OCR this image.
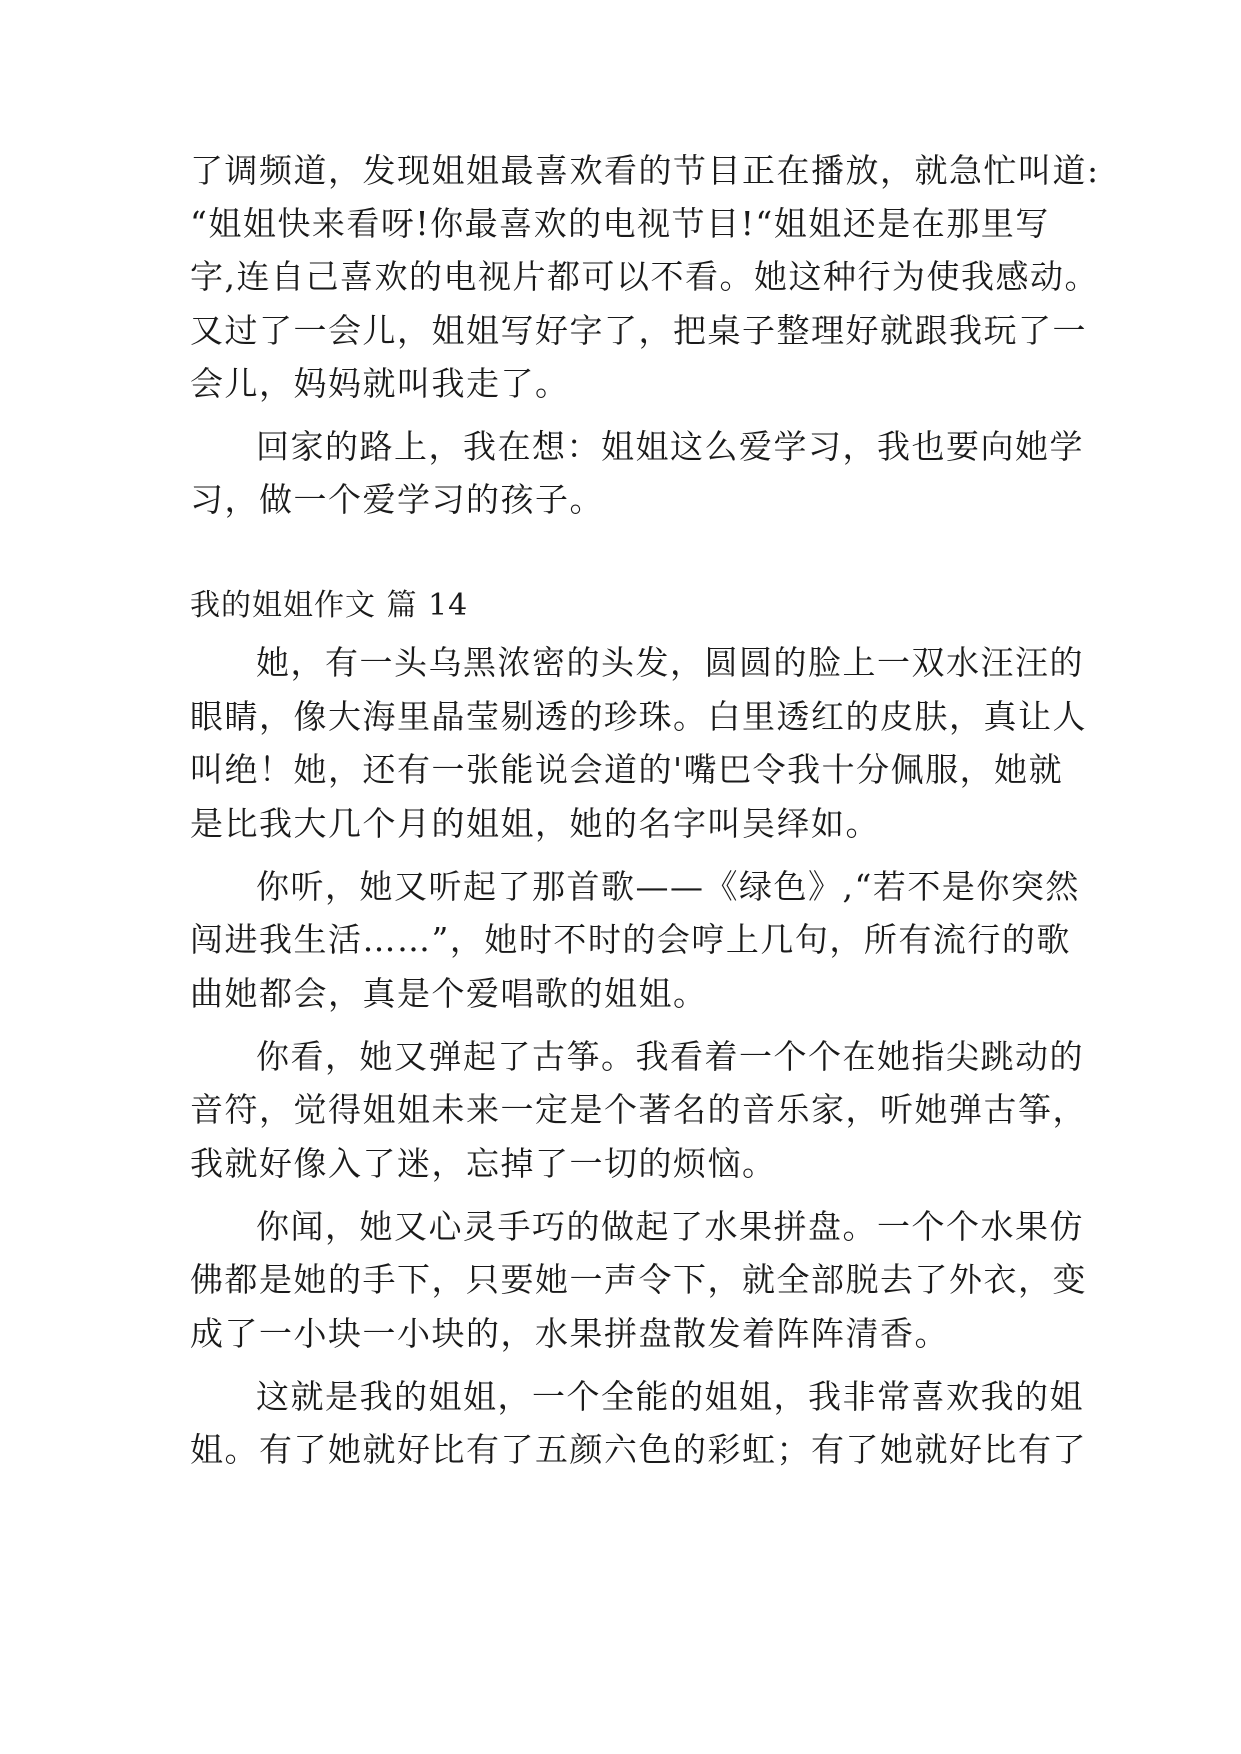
了调频道，发现姐姐最喜欢看的节目正在播放，就急忙叫道:
“姐姐快来看呀!你最喜欢的电视节目!“姐姐还是在那里写
字,连自己喜欢的电视片都可以不看。她这种行为使我感动。
又过了一会儿，姐姐写好字了，把桌子整理好就跟我玩了一
会儿，妈妈就叫我走了。
回家的路上，我在想：姐姐这么爱学习，我也要向她学
习，做一个爱学习的孩子。
我的姐姐作文 篇 14
她，有一头乌黑浓密的头发，圆圆的脸上一双水汪汪的
眼睛，像大海里晶莹剔透的珍珠。白里透红的皮肤，真让人
叫绝！她，还有一张能说会道的'嘴巴令我十分佩服，她就
是比我大几个月的姐姐，她的名字叫吴绎如。
你听，她又听起了那首歌——《绿色》,“若不是你突然
闯进我生活……”，她时不时的会哼上几句，所有流行的歌
曲她都会，真是个爱唱歌的姐姐。
你看，她又弹起了古筝。我看着一个个在她指尖跳动的
音符，觉得姐姐未来一定是个著名的音乐家，听她弹古筝，
我就好像入了迷，忘掉了一切的烦恼。
你闻，她又心灵手巧的做起了水果拼盘。一个个水果仿
佛都是她的手下，只要她一声令下，就全部脱去了外衣，变
成了一小块一小块的，水果拼盘散发着阵阵清香。
这就是我的姐姐，一个全能的姐姐，我非常喜欢我的姐
姐。有了她就好比有了五颜六色的彩虹；有了她就好比有了
